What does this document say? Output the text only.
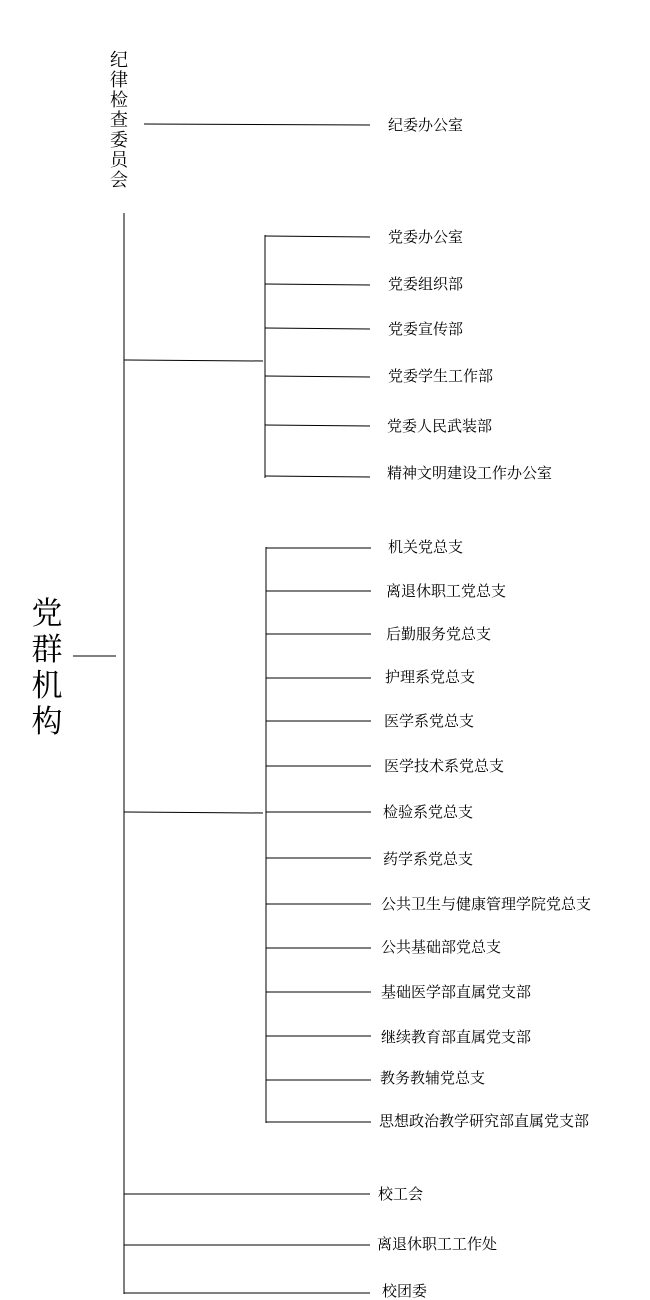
党群机构
纪律检查委员会
纪委办公室
党委办公室
党委组织部
党委宣传部
党委学生工作部
党委人民武装部
精神文明建设工作办公室
机关党总支
离退休职工党总支
后勤服务党总支
护理系党总支
医学系党总支
医学技术系党总支
检验系党总支
药学系党总支
公共卫生与健康管理学院党总支
公共基础部党总支
基础医学部直属党支部
继续教育部直属党支部
教务教辅党总支
思想政治教学研究部直属党支部
校工会
离退休职工工作处
校团委
